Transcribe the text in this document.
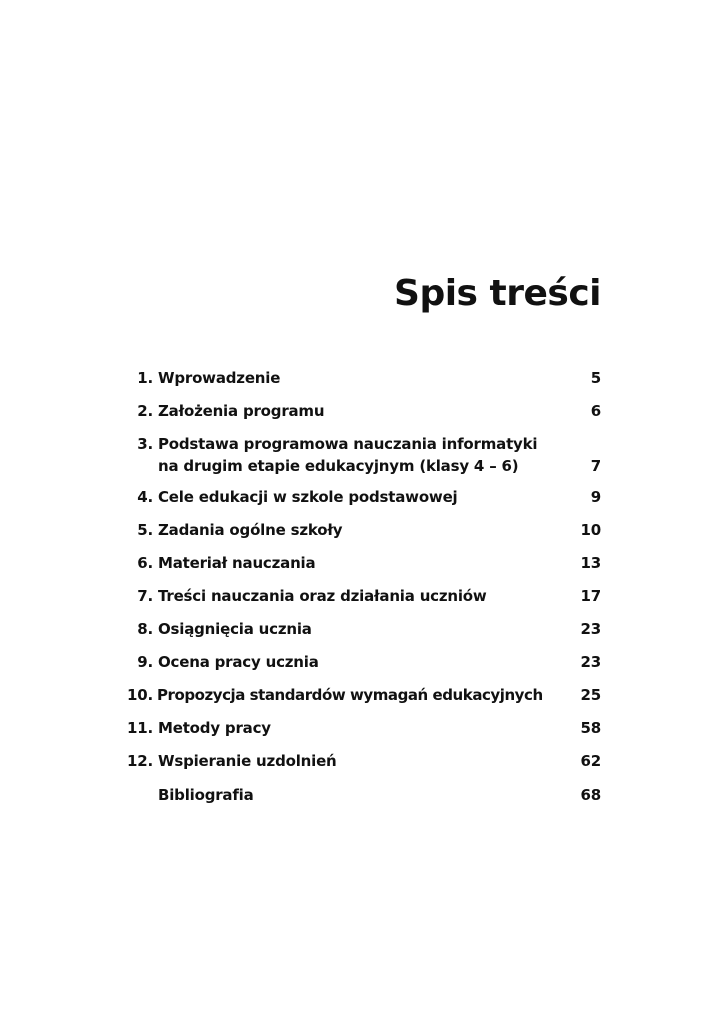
Spis treści
1. Wprowadzenie	5
2. Założenia programu	6
3. Podstawa programowa nauczania informatyki
na drugim etapie edukacyjnym (klasy 4 – 6)	7
4. Cele edukacji w szkole podstawowej	9
5. Zadania ogólne szkoły	10
6. Materiał nauczania	13
7. Treści nauczania oraz działania uczniów	17
8. Osiągnięcia ucznia	23
9. Ocena pracy ucznia	23
10. Propozycja standardów wymagań edukacyjnych	25
11. Metody pracy	58
12. Wspieranie uzdolnień	62
Bibliografia	68
